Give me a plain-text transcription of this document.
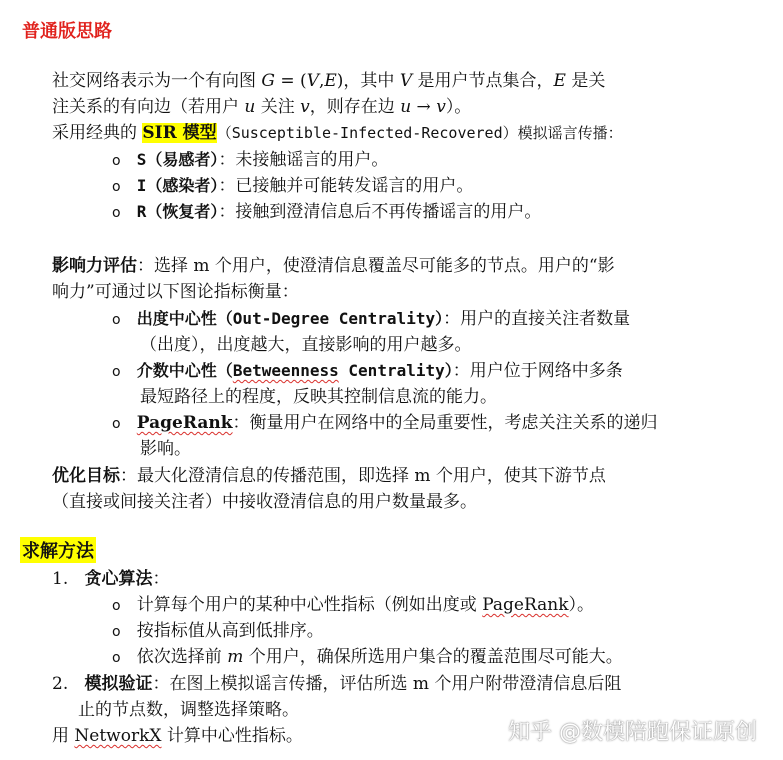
普通版思路
社交网络表示为一个有向图 G = (V,E)，其中 V 是用户节点集合，E 是关
注关系的有向边（若用户 u 关注 v，则存在边 u → v）。
采用经典的 SIR 模型（Susceptible-Infected-Recovered）模拟谣言传播：
o S（易感者）：未接触谣言的用户。
o I（感染者）：已接触并可能转发谣言的用户。
o R（恢复者）：接触到澄清信息后不再传播谣言的用户。
影响力评估：选择 m 个用户，使澄清信息覆盖尽可能多的节点。用户的“影
响力”可通过以下图论指标衡量：
o 出度中心性（Out-Degree Centrality）：用户的直接关注者数量
（出度），出度越大，直接影响的用户越多。
o 介数中心性（Betweenness Centrality）：用户位于网络中多条
最短路径上的程度，反映其控制信息流的能力。
o PageRank：衡量用户在网络中的全局重要性，考虑关注关系的递归
影响。
优化目标：最大化澄清信息的传播范围，即选择 m 个用户，使其下游节点
（直接或间接关注者）中接收澄清信息的用户数量最多。
求解方法
1. 贪心算法：
o 计算每个用户的某种中心性指标（例如出度或 PageRank）。
o 按指标值从高到低排序。
o 依次选择前 m 个用户，确保所选用户集合的覆盖范围尽可能大。
2. 模拟验证：在图上模拟谣言传播，评估所选 m 个用户附带澄清信息后阻
止的节点数，调整选择策略。
用 NetworkX 计算中心性指标。	知乎 @数模陪跑保证原创
